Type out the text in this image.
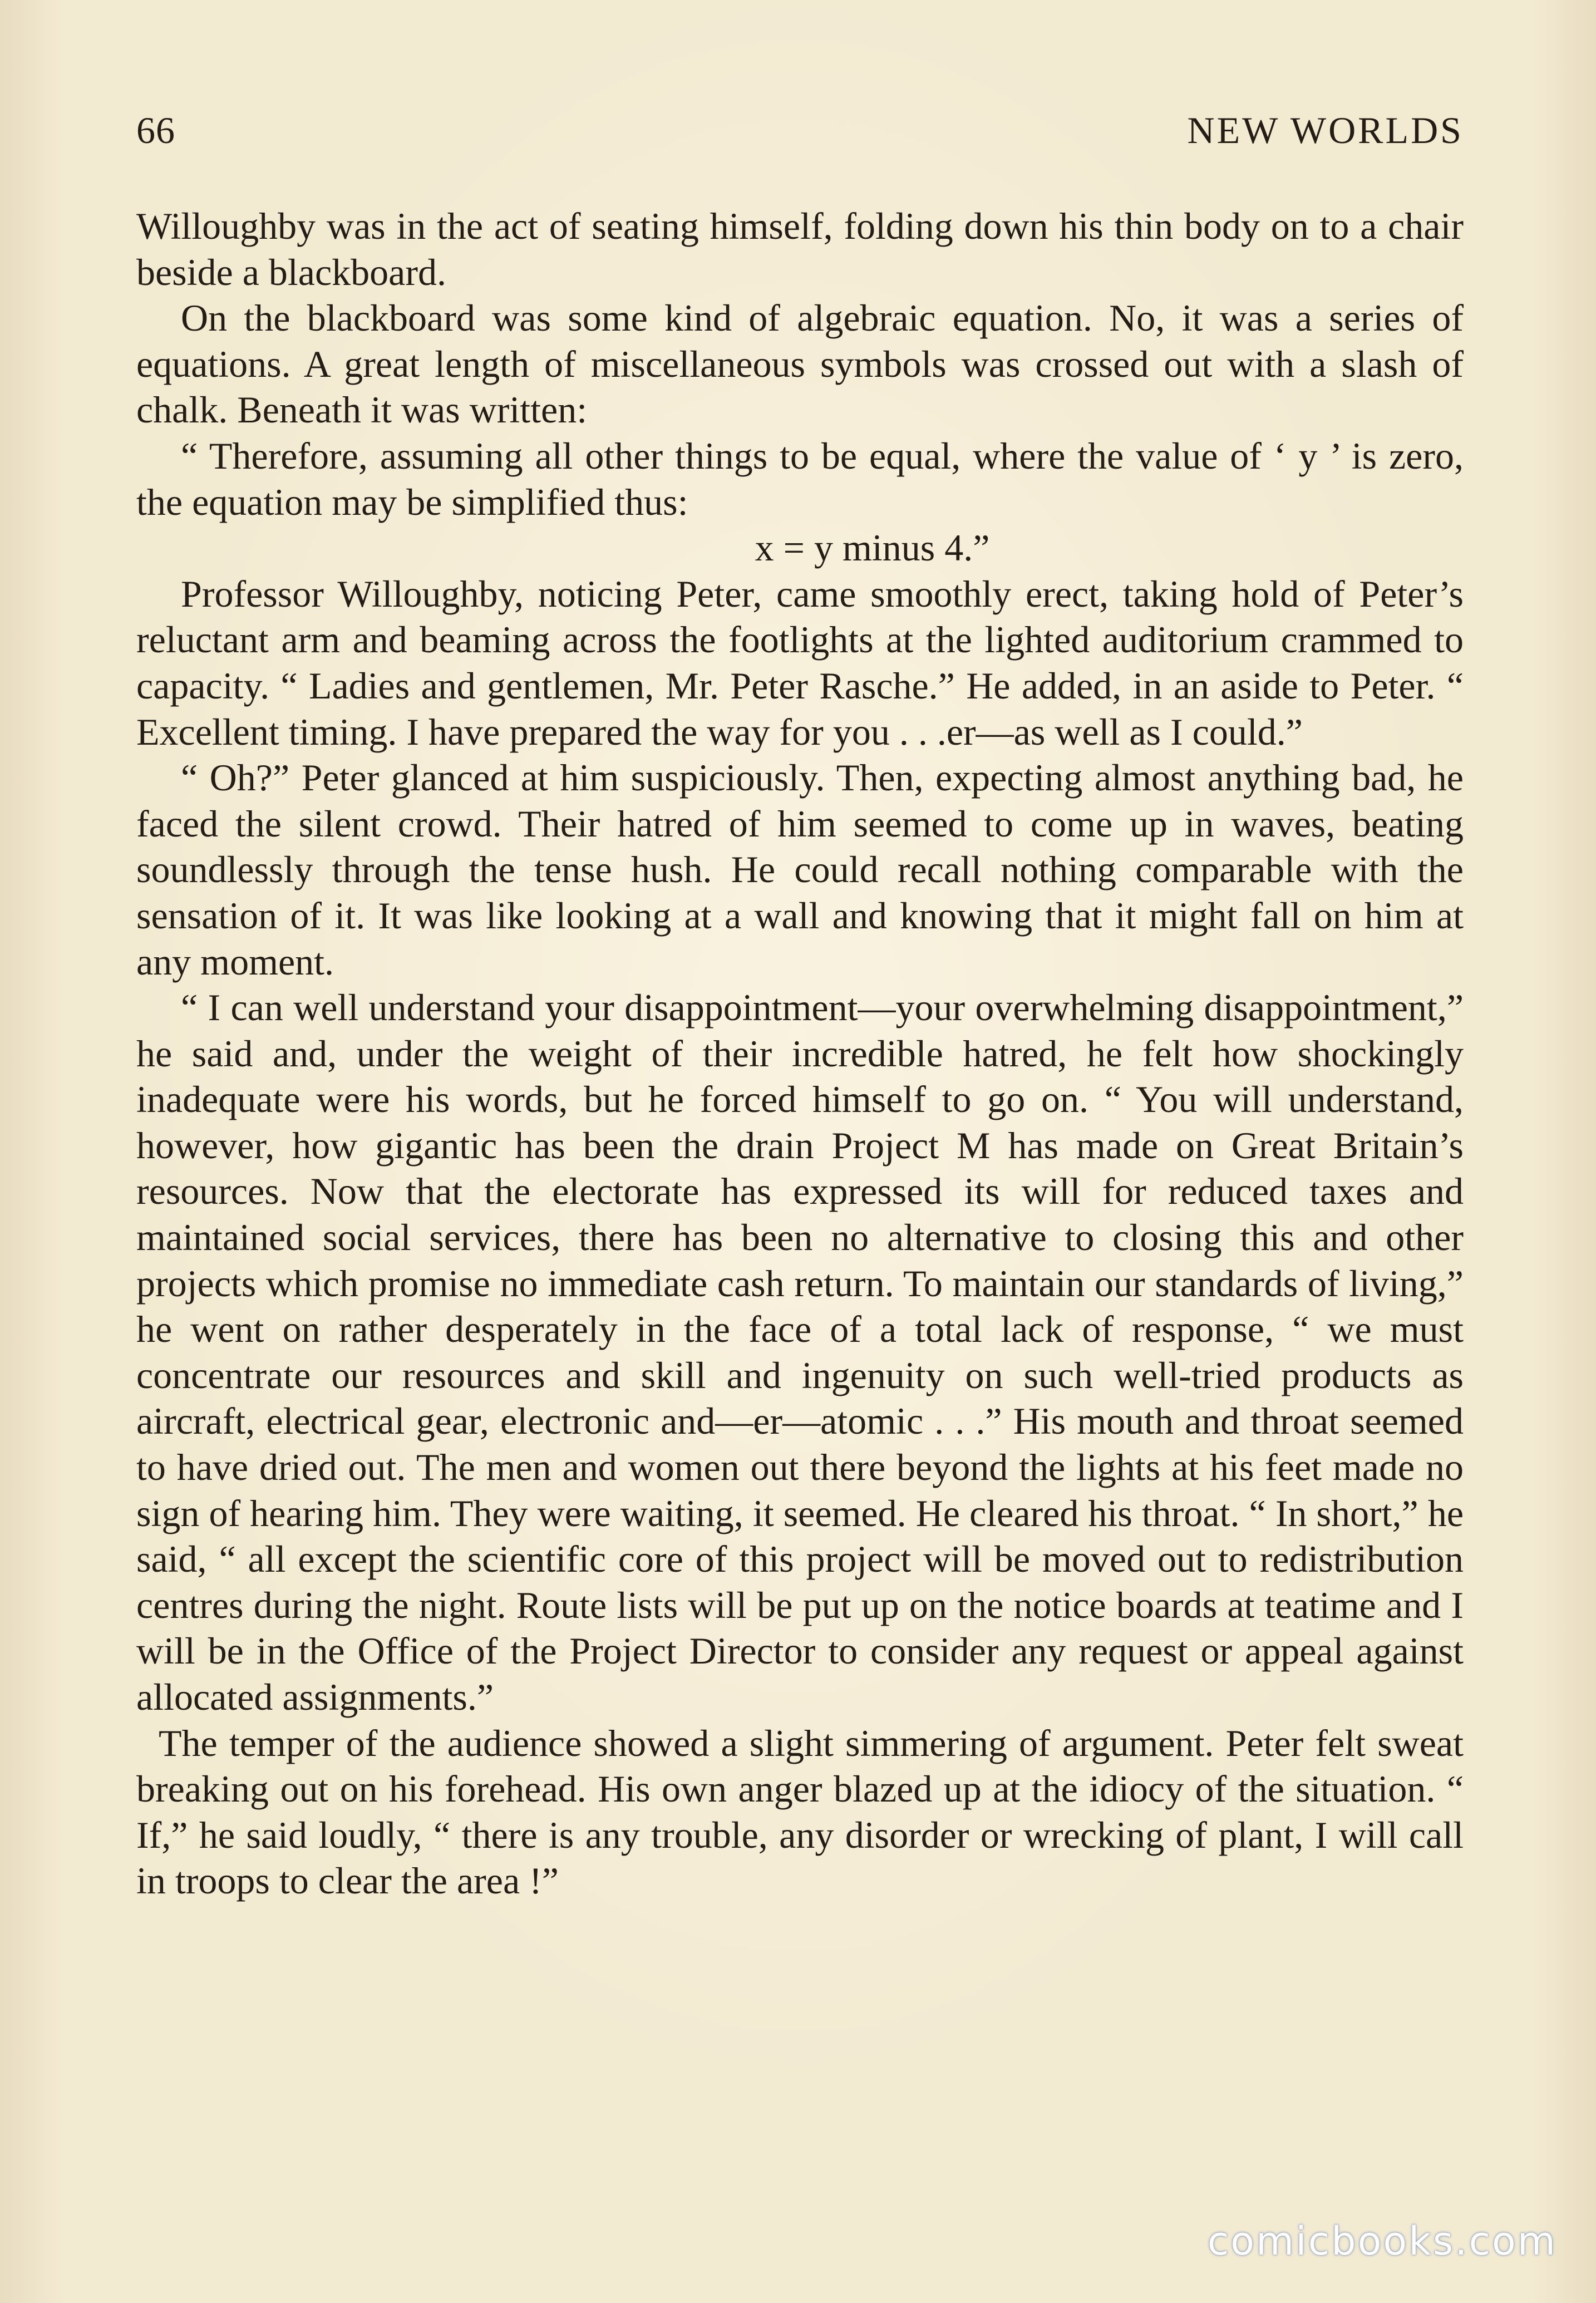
66	NEW WORLDS

Willoughby was in the act of seating himself, folding down his thin body on to a chair beside a blackboard.

On the blackboard was some kind of algebraic equation. No, it was a series of equations. A great length of miscellaneous symbols was crossed out with a slash of chalk. Beneath it was written:

“ Therefore, assuming all other things to be equal, where the value of ‘ y ’ is zero, the equation may be simplified thus:

x = y minus 4.”

Professor Willoughby, noticing Peter, came smoothly erect, taking hold of Peter’s reluctant arm and beaming across the footlights at the lighted auditorium crammed to capacity. “ Ladies and gentlemen, Mr. Peter Rasche.” He added, in an aside to Peter. “ Excellent timing. I have prepared the way for you . . .er—as well as I could.”

“ Oh?” Peter glanced at him suspiciously. Then, expecting almost anything bad, he faced the silent crowd. Their hatred of him seemed to come up in waves, beating soundlessly through the tense hush. He could recall nothing comparable with the sensation of it. It was like looking at a wall and knowing that it might fall on him at any moment.

“ I can well understand your disappointment—your overwhelming disappointment,” he said and, under the weight of their incredible hatred, he felt how shockingly inadequate were his words, but he forced himself to go on. “ You will understand, however, how gigantic has been the drain Project M has made on Great Britain’s resources. Now that the electorate has expressed its will for reduced taxes and maintained social services, there has been no alternative to closing this and other projects which promise no immediate cash return. To maintain our standards of living,” he went on rather desperately in the face of a total lack of response, “ we must concentrate our resources and skill and ingenuity on such well-tried products as aircraft, electrical gear, electronic and—er—atomic . . .” His mouth and throat seemed to have dried out. The men and women out there beyond the lights at his feet made no sign of hearing him. They were waiting, it seemed. He cleared his throat. “ In short,” he said, “ all except the scientific core of this project will be moved out to redistribution centres during the night. Route lists will be put up on the notice boards at teatime and I will be in the Office of the Project Director to consider any request or appeal against allocated assignments.”

The temper of the audience showed a slight simmering of argument. Peter felt sweat breaking out on his forehead. His own anger blazed up at the idiocy of the situation. “ If,” he said loudly, “ there is any trouble, any disorder or wrecking of plant, I will call in troops to clear the area !”

comicbooks.com
